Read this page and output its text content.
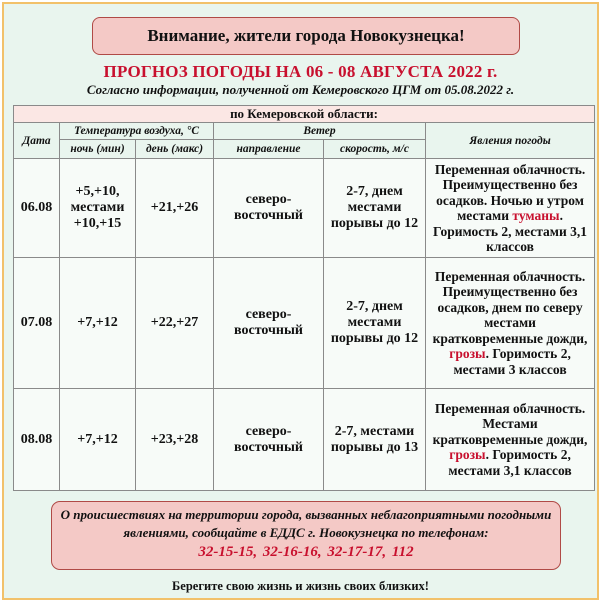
Внимание, жители города Новокузнецка!
ПРОГНОЗ ПОГОДЫ НА 06 - 08 АВГУСТА 2022 г.
Согласно информации, полученной от Кемеровского ЦГМ от 05.08.2022 г.
по Кемеровской области:					
Дата	Температура воздуха, °С		Ветер		Явления погоды
	ночь (мин)	день (макс)	направление	скорость, м/с	
06.08	+5,+10, местами +10,+15	+21,+26	северо-восточный	2-7, днем местами порывы до 12	Переменная облачность. Преимущественно без осадков. Ночью и утром местами туманы. Горимость 2, местами 3,1 классов
07.08	+7,+12	+22,+27	северо-восточный	2-7, днем местами порывы до 12	Переменная облачность. Преимущественно без осадков, днем по северу местами кратковременные дожди, грозы. Горимость 2, местами 3 классов
08.08	+7,+12	+23,+28	северо-восточный	2-7, местами порывы до 13	Переменная облачность. Местами кратковременные дожди, грозы. Горимость 2, местами 3,1 классов
О происшествиях на территории города, вызванных неблагоприятными погодными явлениями, сообщайте в ЕДДС г. Новокузнецка по телефонам:
32-15-15, 32-16-16, 32-17-17, 112
Берегите свою жизнь и жизнь своих близких!
